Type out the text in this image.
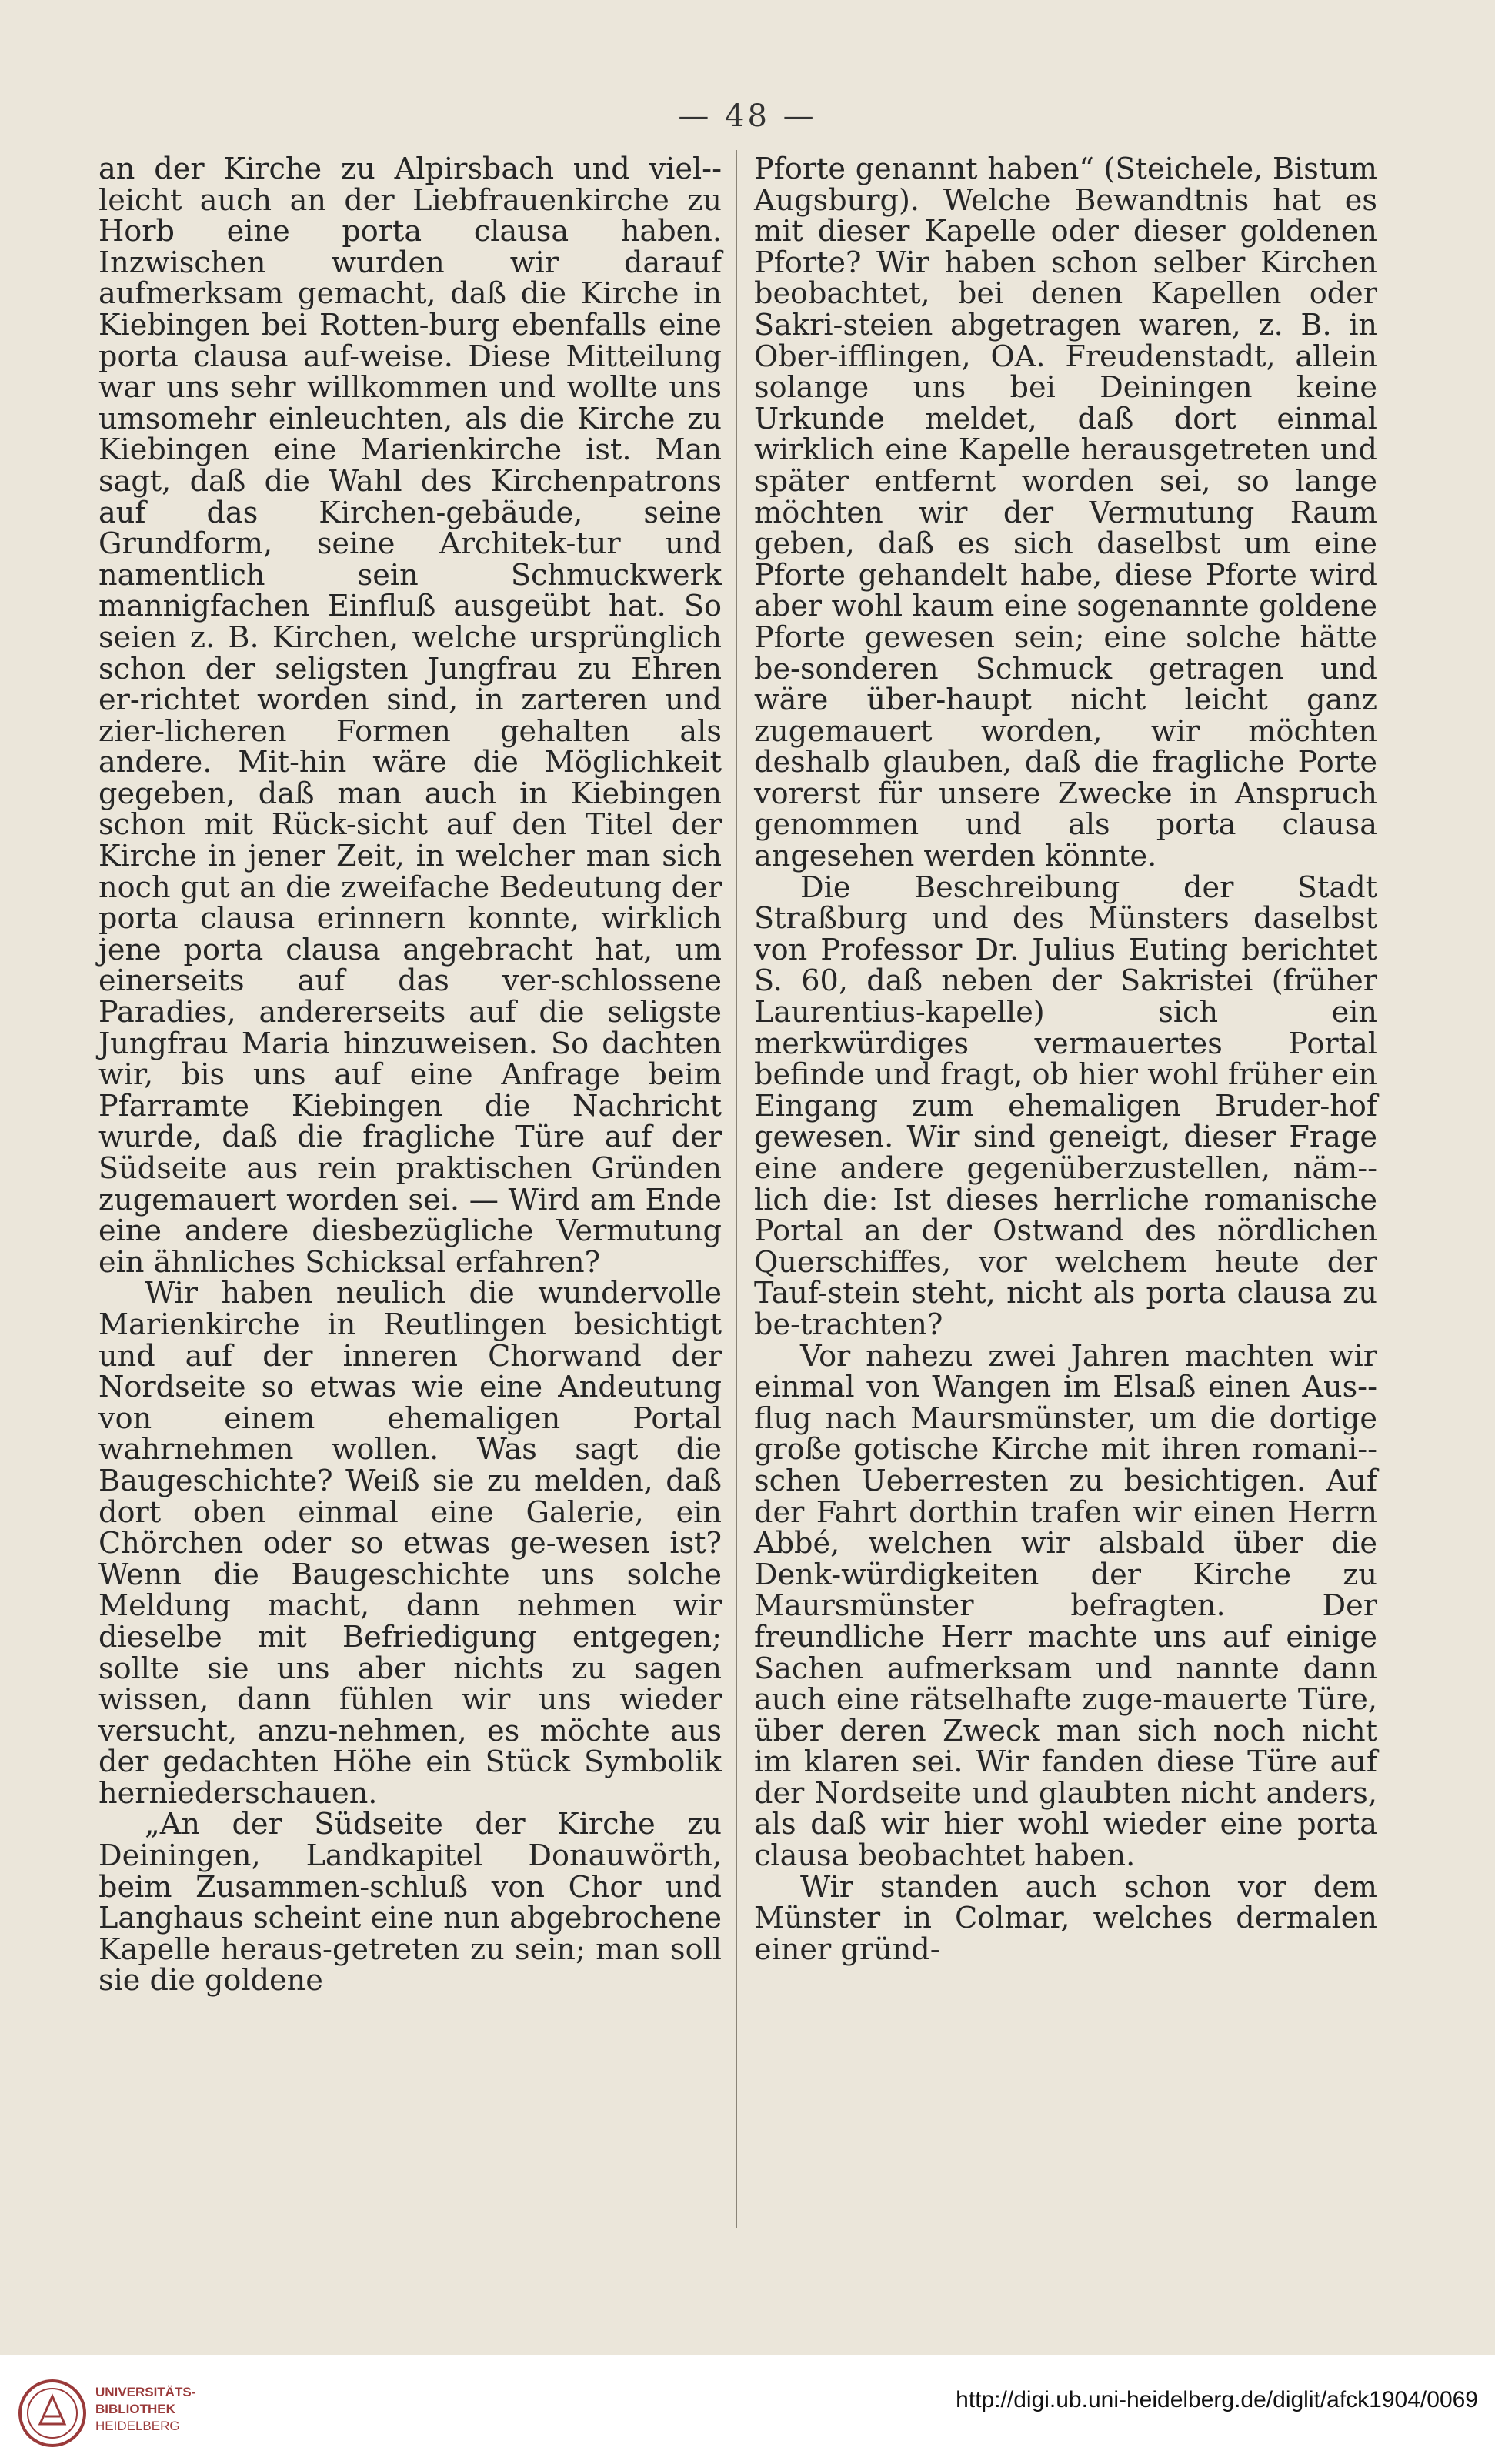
— 48 —

an der Kirche zu Alpirsbach und viel-leicht auch an der Liebfrauenkirche zu Horb eine porta clausa haben. Inzwischen wurden wir darauf aufmerksam gemacht, daß die Kirche in Kiebingen bei Rotten-burg ebenfalls eine porta clausa auf-weise. Diese Mitteilung war uns sehr willkommen und wollte uns umsomehr einleuchten, als die Kirche zu Kiebingen eine Marienkirche ist. Man sagt, daß die Wahl des Kirchenpatrons auf das Kirchen-gebäude, seine Grundform, seine Architek-tur und namentlich sein Schmuckwerk mannigfachen Einfluß ausgeübt hat. So seien z. B. Kirchen, welche ursprünglich schon der seligsten Jungfrau zu Ehren er-richtet worden sind, in zarteren und zier-licheren Formen gehalten als andere. Mit-hin wäre die Möglichkeit gegeben, daß man auch in Kiebingen schon mit Rück-sicht auf den Titel der Kirche in jener Zeit, in welcher man sich noch gut an die zweifache Bedeutung der porta clausa erinnern konnte, wirklich jene porta clausa angebracht hat, um einerseits auf das ver-schlossene Paradies, andererseits auf die seligste Jungfrau Maria hinzuweisen. So dachten wir, bis uns auf eine Anfrage beim Pfarramte Kiebingen die Nachricht wurde, daß die fragliche Türe auf der Südseite aus rein praktischen Gründen zugemauert worden sei. — Wird am Ende eine andere diesbezügliche Vermutung ein ähnliches Schicksal erfahren?

Wir haben neulich die wundervolle Marienkirche in Reutlingen besichtigt und auf der inneren Chorwand der Nordseite so etwas wie eine Andeutung von einem ehemaligen Portal wahrnehmen wollen. Was sagt die Baugeschichte? Weiß sie zu melden, daß dort oben einmal eine Galerie, ein Chörchen oder so etwas ge-wesen ist? Wenn die Baugeschichte uns solche Meldung macht, dann nehmen wir dieselbe mit Befriedigung entgegen; sollte sie uns aber nichts zu sagen wissen, dann fühlen wir uns wieder versucht, anzu-nehmen, es möchte aus der gedachten Höhe ein Stück Symbolik herniederschauen.

„An der Südseite der Kirche zu Deiningen, Landkapitel Donauwörth, beim Zusammen-schluß von Chor und Langhaus scheint eine nun abgebrochene Kapelle heraus-getreten zu sein; man soll sie die goldene

Pforte genannt haben“ (Steichele, Bistum Augsburg). Welche Bewandtnis hat es mit dieser Kapelle oder dieser goldenen Pforte? Wir haben schon selber Kirchen beobachtet, bei denen Kapellen oder Sakri-steien abgetragen waren, z. B. in Ober-ifflingen, OA. Freudenstadt, allein solange uns bei Deiningen keine Urkunde meldet, daß dort einmal wirklich eine Kapelle herausgetreten und später entfernt worden sei, so lange möchten wir der Vermutung Raum geben, daß es sich daselbst um eine Pforte gehandelt habe, diese Pforte wird aber wohl kaum eine sogenannte goldene Pforte gewesen sein; eine solche hätte be-sonderen Schmuck getragen und wäre über-haupt nicht leicht ganz zugemauert worden, wir möchten deshalb glauben, daß die fragliche Porte vorerst für unsere Zwecke in Anspruch genommen und als porta clausa angesehen werden könnte.

Die Beschreibung der Stadt Straßburg und des Münsters daselbst von Professor Dr. Julius Euting berichtet S. 60, daß neben der Sakristei (früher Laurentius-kapelle) sich ein merkwürdiges vermauertes Portal befinde und fragt, ob hier wohl früher ein Eingang zum ehemaligen Bruder-hof gewesen. Wir sind geneigt, dieser Frage eine andere gegenüberzustellen, näm-lich die: Ist dieses herrliche romanische Portal an der Ostwand des nördlichen Querschiffes, vor welchem heute der Tauf-stein steht, nicht als porta clausa zu be-trachten?

Vor nahezu zwei Jahren machten wir einmal von Wangen im Elsaß einen Aus-flug nach Maursmünster, um die dortige große gotische Kirche mit ihren romani-schen Ueberresten zu besichtigen. Auf der Fahrt dorthin trafen wir einen Herrn Abbé, welchen wir alsbald über die Denk-würdigkeiten der Kirche zu Maursmünster befragten. Der freundliche Herr machte uns auf einige Sachen aufmerksam und nannte dann auch eine rätselhafte zuge-mauerte Türe, über deren Zweck man sich noch nicht im klaren sei. Wir fanden diese Türe auf der Nordseite und glaubten nicht anders, als daß wir hier wohl wieder eine porta clausa beobachtet haben.

Wir standen auch schon vor dem Münster in Colmar, welches dermalen einer gründ-

UNIVERSITÄTS-
BIBLIOTHEK
HEIDELBERG
http://digi.ub.uni-heidelberg.de/diglit/afck1904/0069
